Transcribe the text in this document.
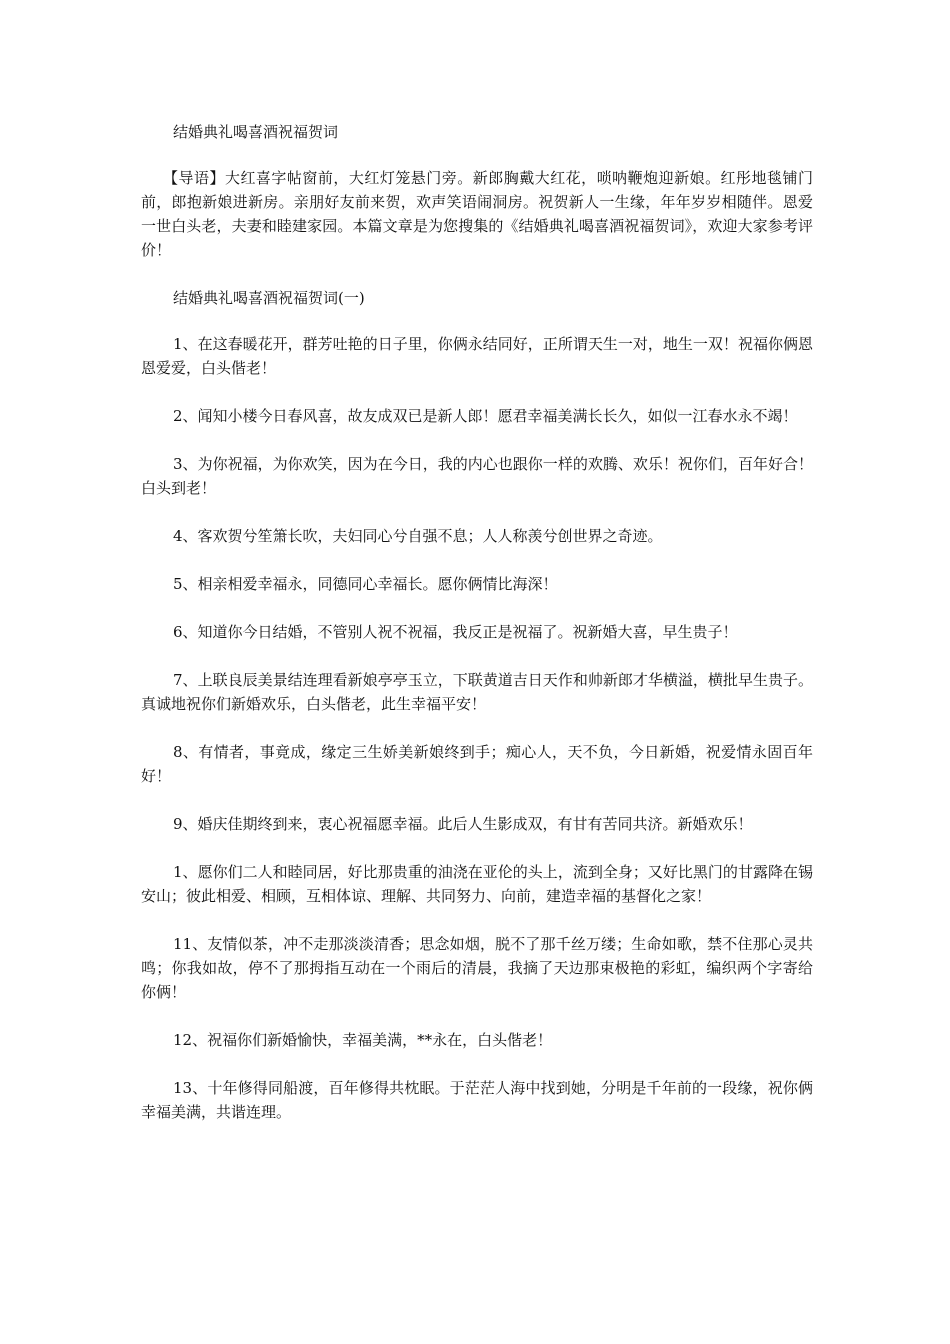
结婚典礼喝喜酒祝福贺词

【导语】大红喜字帖窗前，大红灯笼悬门旁。新郎胸戴大红花，唢呐鞭炮迎新娘。红彤地毯铺门前，郎抱新娘进新房。亲朋好友前来贺，欢声笑语闹洞房。祝贺新人一生缘，年年岁岁相随伴。恩爱一世白头老，夫妻和睦建家园。本篇文章是为您搜集的《结婚典礼喝喜酒祝福贺词》，欢迎大家参考评价！

结婚典礼喝喜酒祝福贺词(一)

1、在这春暖花开，群芳吐艳的日子里，你俩永结同好，正所谓天生一对，地生一双！祝福你俩恩恩爱爱，白头偕老！

2、闻知小楼今日春风喜，故友成双已是新人郎！愿君幸福美满长长久，如似一江春水永不竭！

3、为你祝福，为你欢笑，因为在今日，我的内心也跟你一样的欢腾、欢乐！祝你们，百年好合！白头到老！

4、客欢贺兮笙箫长吹，夫妇同心兮自强不息；人人称羡兮创世界之奇迹。

5、相亲相爱幸福永，同德同心幸福长。愿你俩情比海深！

6、知道你今日结婚，不管别人祝不祝福，我反正是祝福了。祝新婚大喜，早生贵子！

7、上联良辰美景结连理看新娘亭亭玉立，下联黄道吉日天作和帅新郎才华横溢，横批早生贵子。真诚地祝你们新婚欢乐，白头偕老，此生幸福平安！

8、有情者，事竟成，缘定三生娇美新娘终到手；痴心人，天不负，今日新婚，祝爱情永固百年好！

9、婚庆佳期终到来，衷心祝福愿幸福。此后人生影成双，有甘有苦同共济。新婚欢乐！

1、愿你们二人和睦同居，好比那贵重的油浇在亚伦的头上，流到全身；又好比黑门的甘露降在锡安山；彼此相爱、相顾，互相体谅、理解、共同努力、向前，建造幸福的基督化之家！

11、友情似茶，冲不走那淡淡清香；思念如烟，脱不了那千丝万缕；生命如歌，禁不住那心灵共鸣；你我如故，停不了那拇指互动在一个雨后的清晨，我摘了天边那束极艳的彩虹，编织两个字寄给你俩！

12、祝福你们新婚愉快，幸福美满，**永在，白头偕老！

13、十年修得同船渡，百年修得共枕眠。于茫茫人海中找到她，分明是千年前的一段缘，祝你俩幸福美满，共谐连理。
